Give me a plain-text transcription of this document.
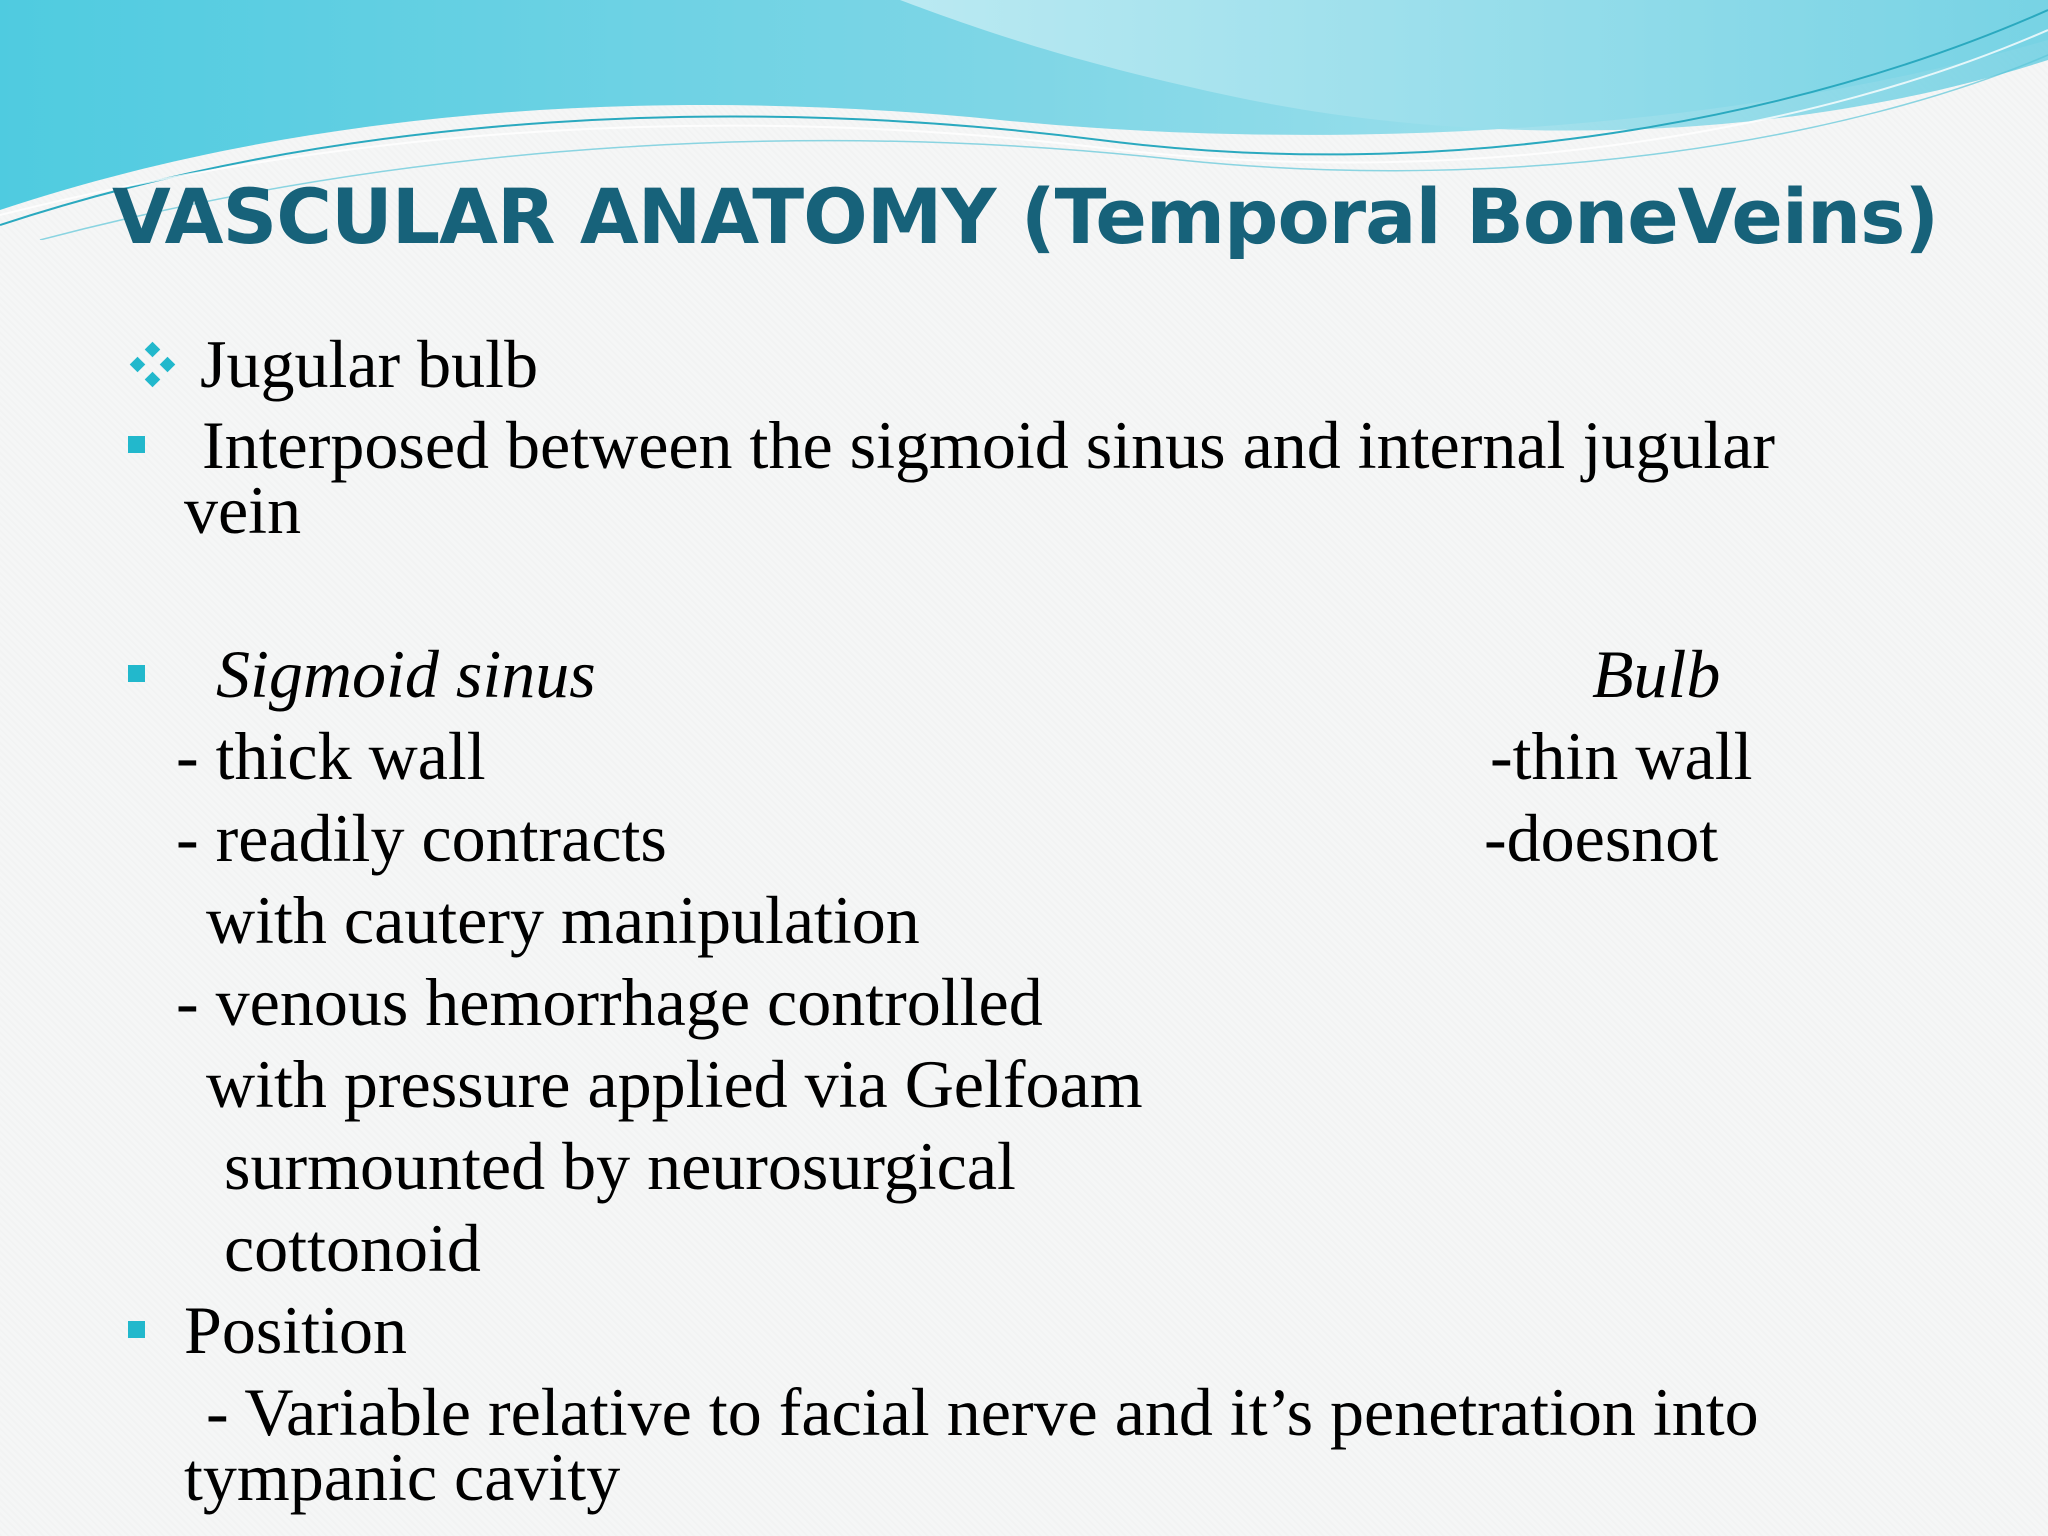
VASCULAR ANATOMY (Temporal BoneVeins)
Jugular bulb
Interposed between the sigmoid sinus and internal jugular
vein
Sigmoid sinus	Bulb
- thick wall	-thin wall
- readily contracts	-doesnot
with cautery manipulation
- venous hemorrhage controlled
with pressure applied via Gelfoam
surmounted by neurosurgical
cottonoid
Position
- Variable relative to facial nerve and it’s penetration into
tympanic cavity
